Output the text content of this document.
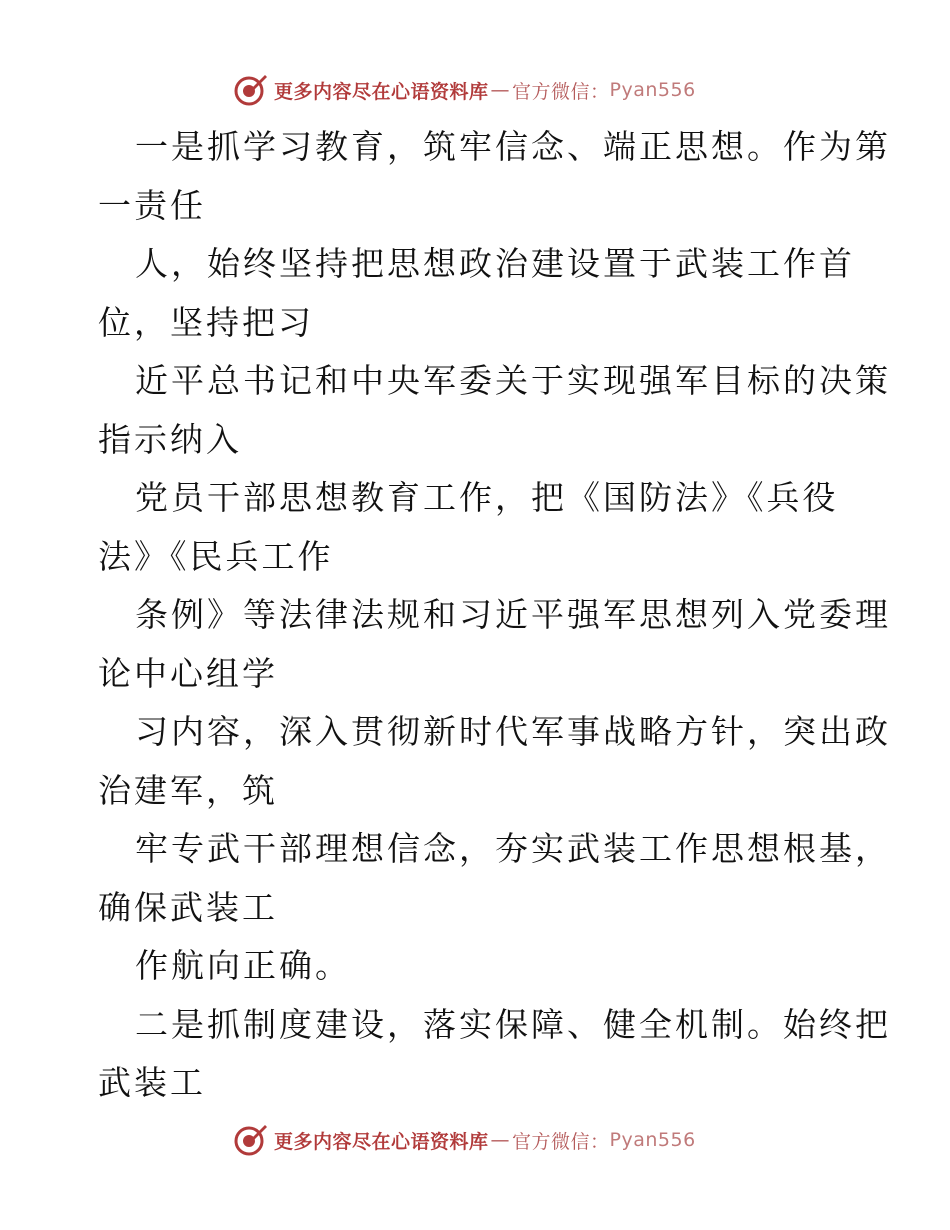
更多内容尽在心语资料库 — 官方微信： Pyan556
一是抓学习教育，筑牢信念、端正思想。作为第
一责任
人，始终坚持把思想政治建设置于武装工作首
位，坚持把习
近平总书记和中央军委关于实现强军目标的决策
指示纳入
党员干部思想教育工作，把《国防法》《兵役
法》《民兵工作
条例》等法律法规和习近平强军思想列入党委理
论中心组学
习内容，深入贯彻新时代军事战略方针，突出政
治建军，筑
牢专武干部理想信念，夯实武装工作思想根基，
确保武装工
作航向正确。
二是抓制度建设，落实保障、健全机制。始终把
武装工
更多内容尽在心语资料库 — 官方微信： Pyan556
